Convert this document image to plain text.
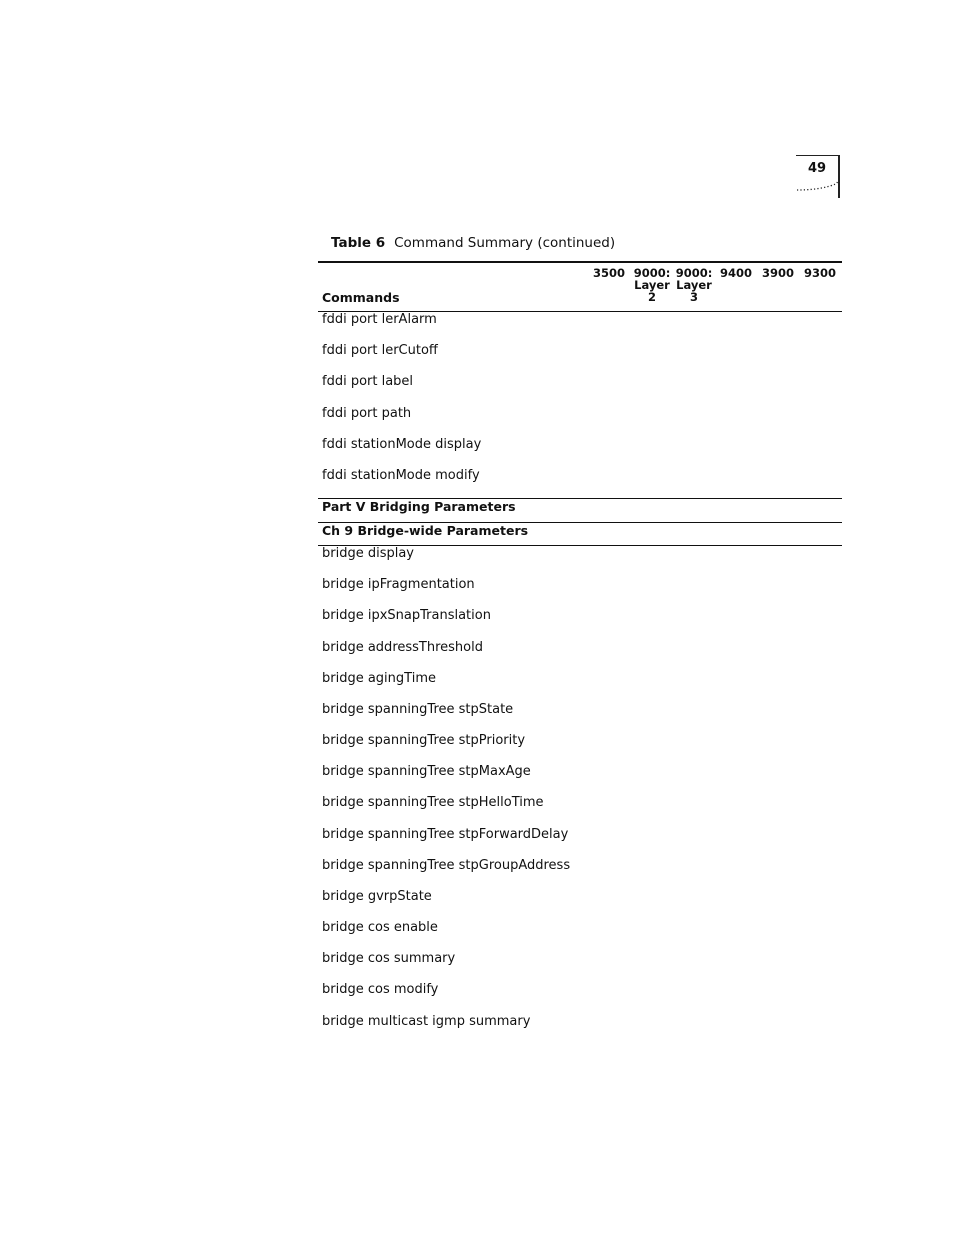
49
Table 6 Command Summary (continued)
3500 9000:
Layer
2
9000:
Layer
3
9400 3900 9300
Commands
fddi port lerAlarm
fddi port lerCutoff
fddi port label
fddi port path
fddi stationMode display
fddi stationMode modify
Part V Bridging Parameters
Ch 9 Bridge-wide Parameters
bridge display
bridge ipFragmentation
bridge ipxSnapTranslation
bridge addressThreshold
bridge agingTime
bridge spanningTree stpState
bridge spanningTree stpPriority
bridge spanningTree stpMaxAge
bridge spanningTree stpHelloTime
bridge spanningTree stpForwardDelay
bridge spanningTree stpGroupAddress
bridge gvrpState
bridge cos enable
bridge cos summary
bridge cos modify
bridge multicast igmp summary
